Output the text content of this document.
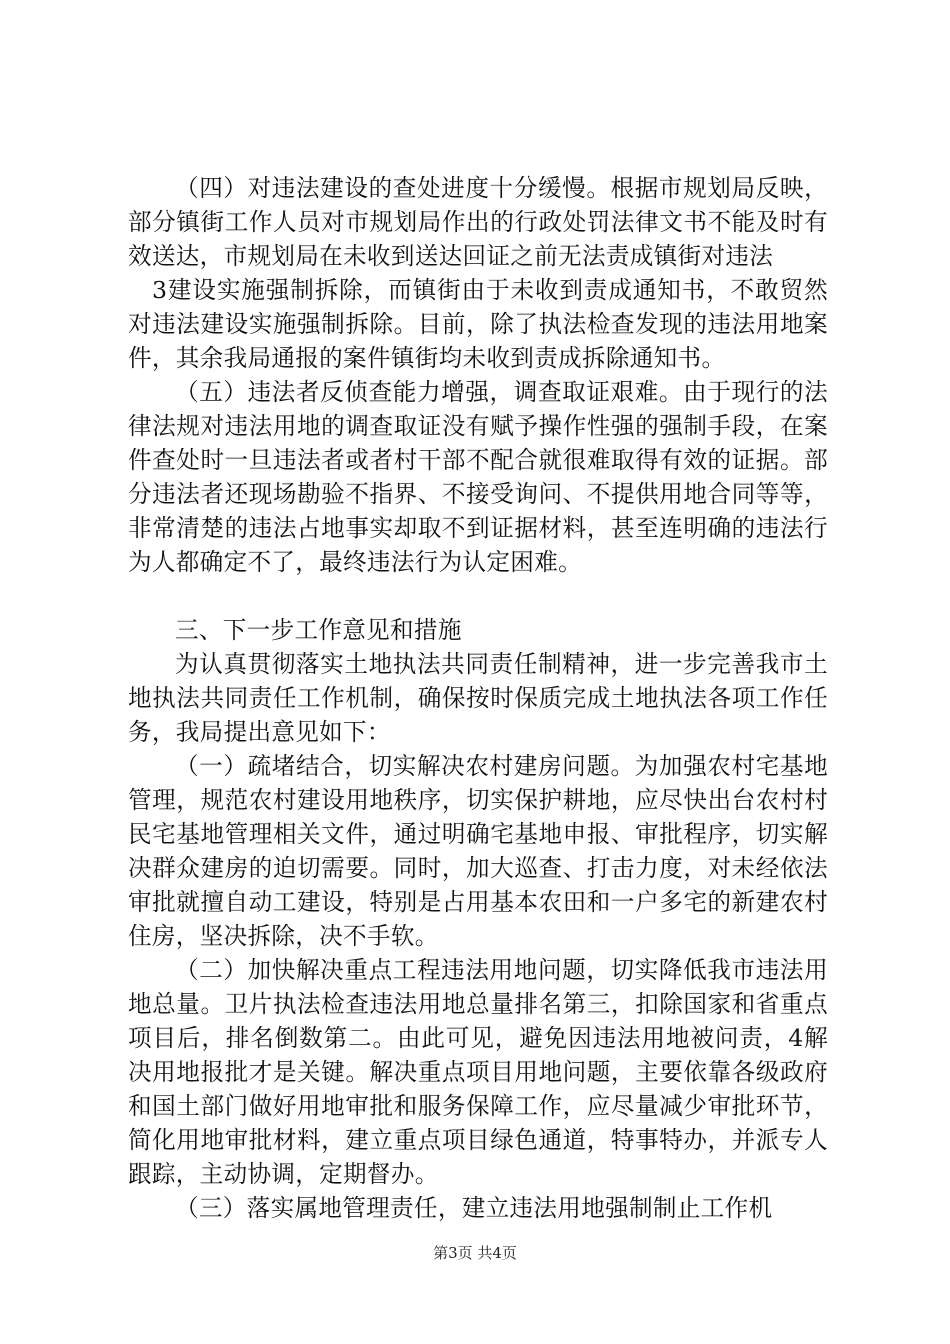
（四）对违法建设的查处进度十分缓慢。根据市规划局反映，部分镇街工作人员对市规划局作出的行政处罚法律文书不能及时有效送达，市规划局在未收到送达回证之前无法责成镇街对违法

3建设实施强制拆除，而镇街由于未收到责成通知书，不敢贸然对违法建设实施强制拆除。目前，除了执法检查发现的违法用地案件，其余我局通报的案件镇街均未收到责成拆除通知书。

（五）违法者反侦查能力增强，调查取证艰难。由于现行的法律法规对违法用地的调查取证没有赋予操作性强的强制手段，在案件查处时一旦违法者或者村干部不配合就很难取得有效的证据。部分违法者还现场勘验不指界、不接受询问、不提供用地合同等等，非常清楚的违法占地事实却取不到证据材料，甚至连明确的违法行为人都确定不了，最终违法行为认定困难。

三、下一步工作意见和措施

为认真贯彻落实土地执法共同责任制精神，进一步完善我市土地执法共同责任工作机制，确保按时保质完成土地执法各项工作任务，我局提出意见如下：

（一）疏堵结合，切实解决农村建房问题。为加强农村宅基地管理，规范农村建设用地秩序，切实保护耕地，应尽快出台农村村民宅基地管理相关文件，通过明确宅基地申报、审批程序，切实解决群众建房的迫切需要。同时，加大巡查、打击力度，对未经依法审批就擅自动工建设，特别是占用基本农田和一户多宅的新建农村住房，坚决拆除，决不手软。

（二）加快解决重点工程违法用地问题，切实降低我市违法用地总量。卫片执法检查违法用地总量排名第三，扣除国家和省重点项目后，排名倒数第二。由此可见，避免因违法用地被问责，4解决用地报批才是关键。解决重点项目用地问题，主要依靠各级政府和国土部门做好用地审批和服务保障工作，应尽量减少审批环节，简化用地审批材料，建立重点项目绿色通道，特事特办，并派专人跟踪，主动协调，定期督办。

（三）落实属地管理责任，建立违法用地强制制止工作机

第3页 共4页
